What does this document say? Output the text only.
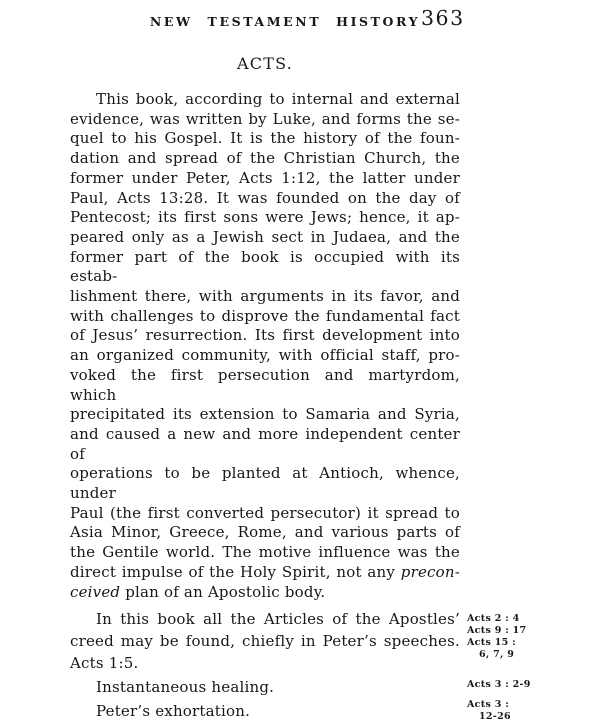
NEW TESTAMENT HISTORY 363
ACTS.
This book, according to internal and external
evidence, was written by Luke, and forms the se-
quel to his Gospel. It is the history of the foun-
dation and spread of the Christian Church, the
former under Peter, Acts 1:12, the latter under
Paul, Acts 13:28. It was founded on the day of
Pentecost; its first sons were Jews; hence, it ap-
peared only as a Jewish sect in Judaea, and the
former part of the book is occupied with its estab-
lishment there, with arguments in its favor, and
with challenges to disprove the fundamental fact
of Jesus’ resurrection. Its first development into
an organized community, with official staff, pro-
voked the first persecution and martyrdom, which
precipitated its extension to Samaria and Syria,
and caused a new and more independent center of
operations to be planted at Antioch, whence, under
Paul (the first converted persecutor) it spread to
Asia Minor, Greece, Rome, and various parts of
the Gentile world. The motive influence was the
direct impulse of the Holy Spirit, not any precon-
ceived plan of an Apostolic body.
In this book all the Articles of the Apostles’
creed may be found, chiefly in Peter’s speeches.
Acts 1:5.
Acts 2 : 4
Acts 9 : 17
Acts 15 :
6, 7, 9
Instantaneous healing.	Acts 3 : 2-9
Peter’s exhortation.	Acts 3 :
12-26
